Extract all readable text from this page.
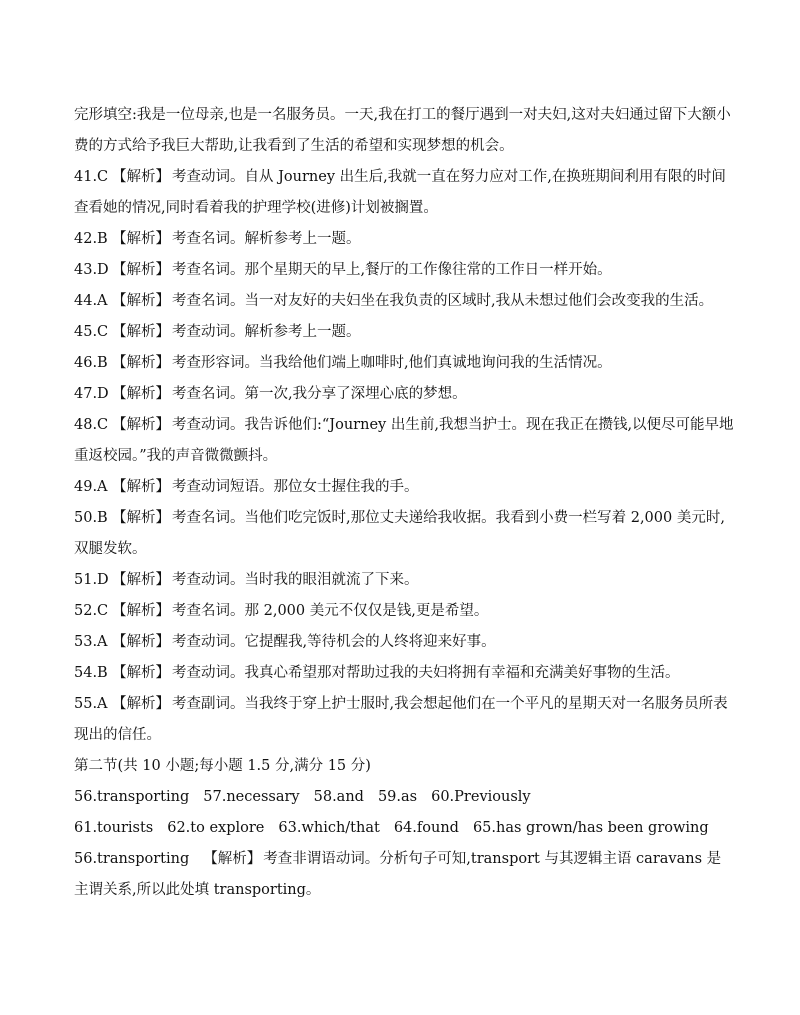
完形填空:我是一位母亲,也是一名服务员。一天,我在打工的餐厅遇到一对夫妇,这对夫妇通过留下大额小费的方式给予我巨大帮助,让我看到了生活的希望和实现梦想的机会。

41.C 【解析】 考查动词。自从 Journey 出生后,我就一直在努力应对工作,在换班期间利用有限的时间查看她的情况,同时看着我的护理学校(进修)计划被搁置。

42.B 【解析】 考查名词。解析参考上一题。

43.D 【解析】 考查名词。那个星期天的早上,餐厅的工作像往常的工作日一样开始。

44.A 【解析】 考查名词。当一对友好的夫妇坐在我负责的区域时,我从未想过他们会改变我的生活。

45.C 【解析】 考查动词。解析参考上一题。

46.B 【解析】 考查形容词。当我给他们端上咖啡时,他们真诚地询问我的生活情况。

47.D 【解析】 考查名词。第一次,我分享了深埋心底的梦想。

48.C 【解析】 考查动词。我告诉他们:“Journey 出生前,我想当护士。现在我正在攒钱,以便尽可能早地重返校园。”我的声音微微颤抖。

49.A 【解析】 考查动词短语。那位女士握住我的手。

50.B 【解析】 考查名词。当他们吃完饭时,那位丈夫递给我收据。我看到小费一栏写着 2,000 美元时,双腿发软。

51.D 【解析】 考查动词。当时我的眼泪就流了下来。

52.C 【解析】 考查名词。那 2,000 美元不仅仅是钱,更是希望。

53.A 【解析】 考查动词。它提醒我,等待机会的人终将迎来好事。

54.B 【解析】 考查动词。我真心希望那对帮助过我的夫妇将拥有幸福和充满美好事物的生活。

55.A 【解析】 考查副词。当我终于穿上护士服时,我会想起他们在一个平凡的星期天对一名服务员所表现出的信任。

第二节(共 10 小题;每小题 1.5 分,满分 15 分)

56.transporting 57.necessary 58.and 59.as 60.Previously

61.tourists 62.to explore 63.which/that 64.found 65.has grown/has been growing

56.transporting 【解析】 考查非谓语动词。分析句子可知,transport 与其逻辑主语 caravans 是主谓关系,所以此处填 transporting。
